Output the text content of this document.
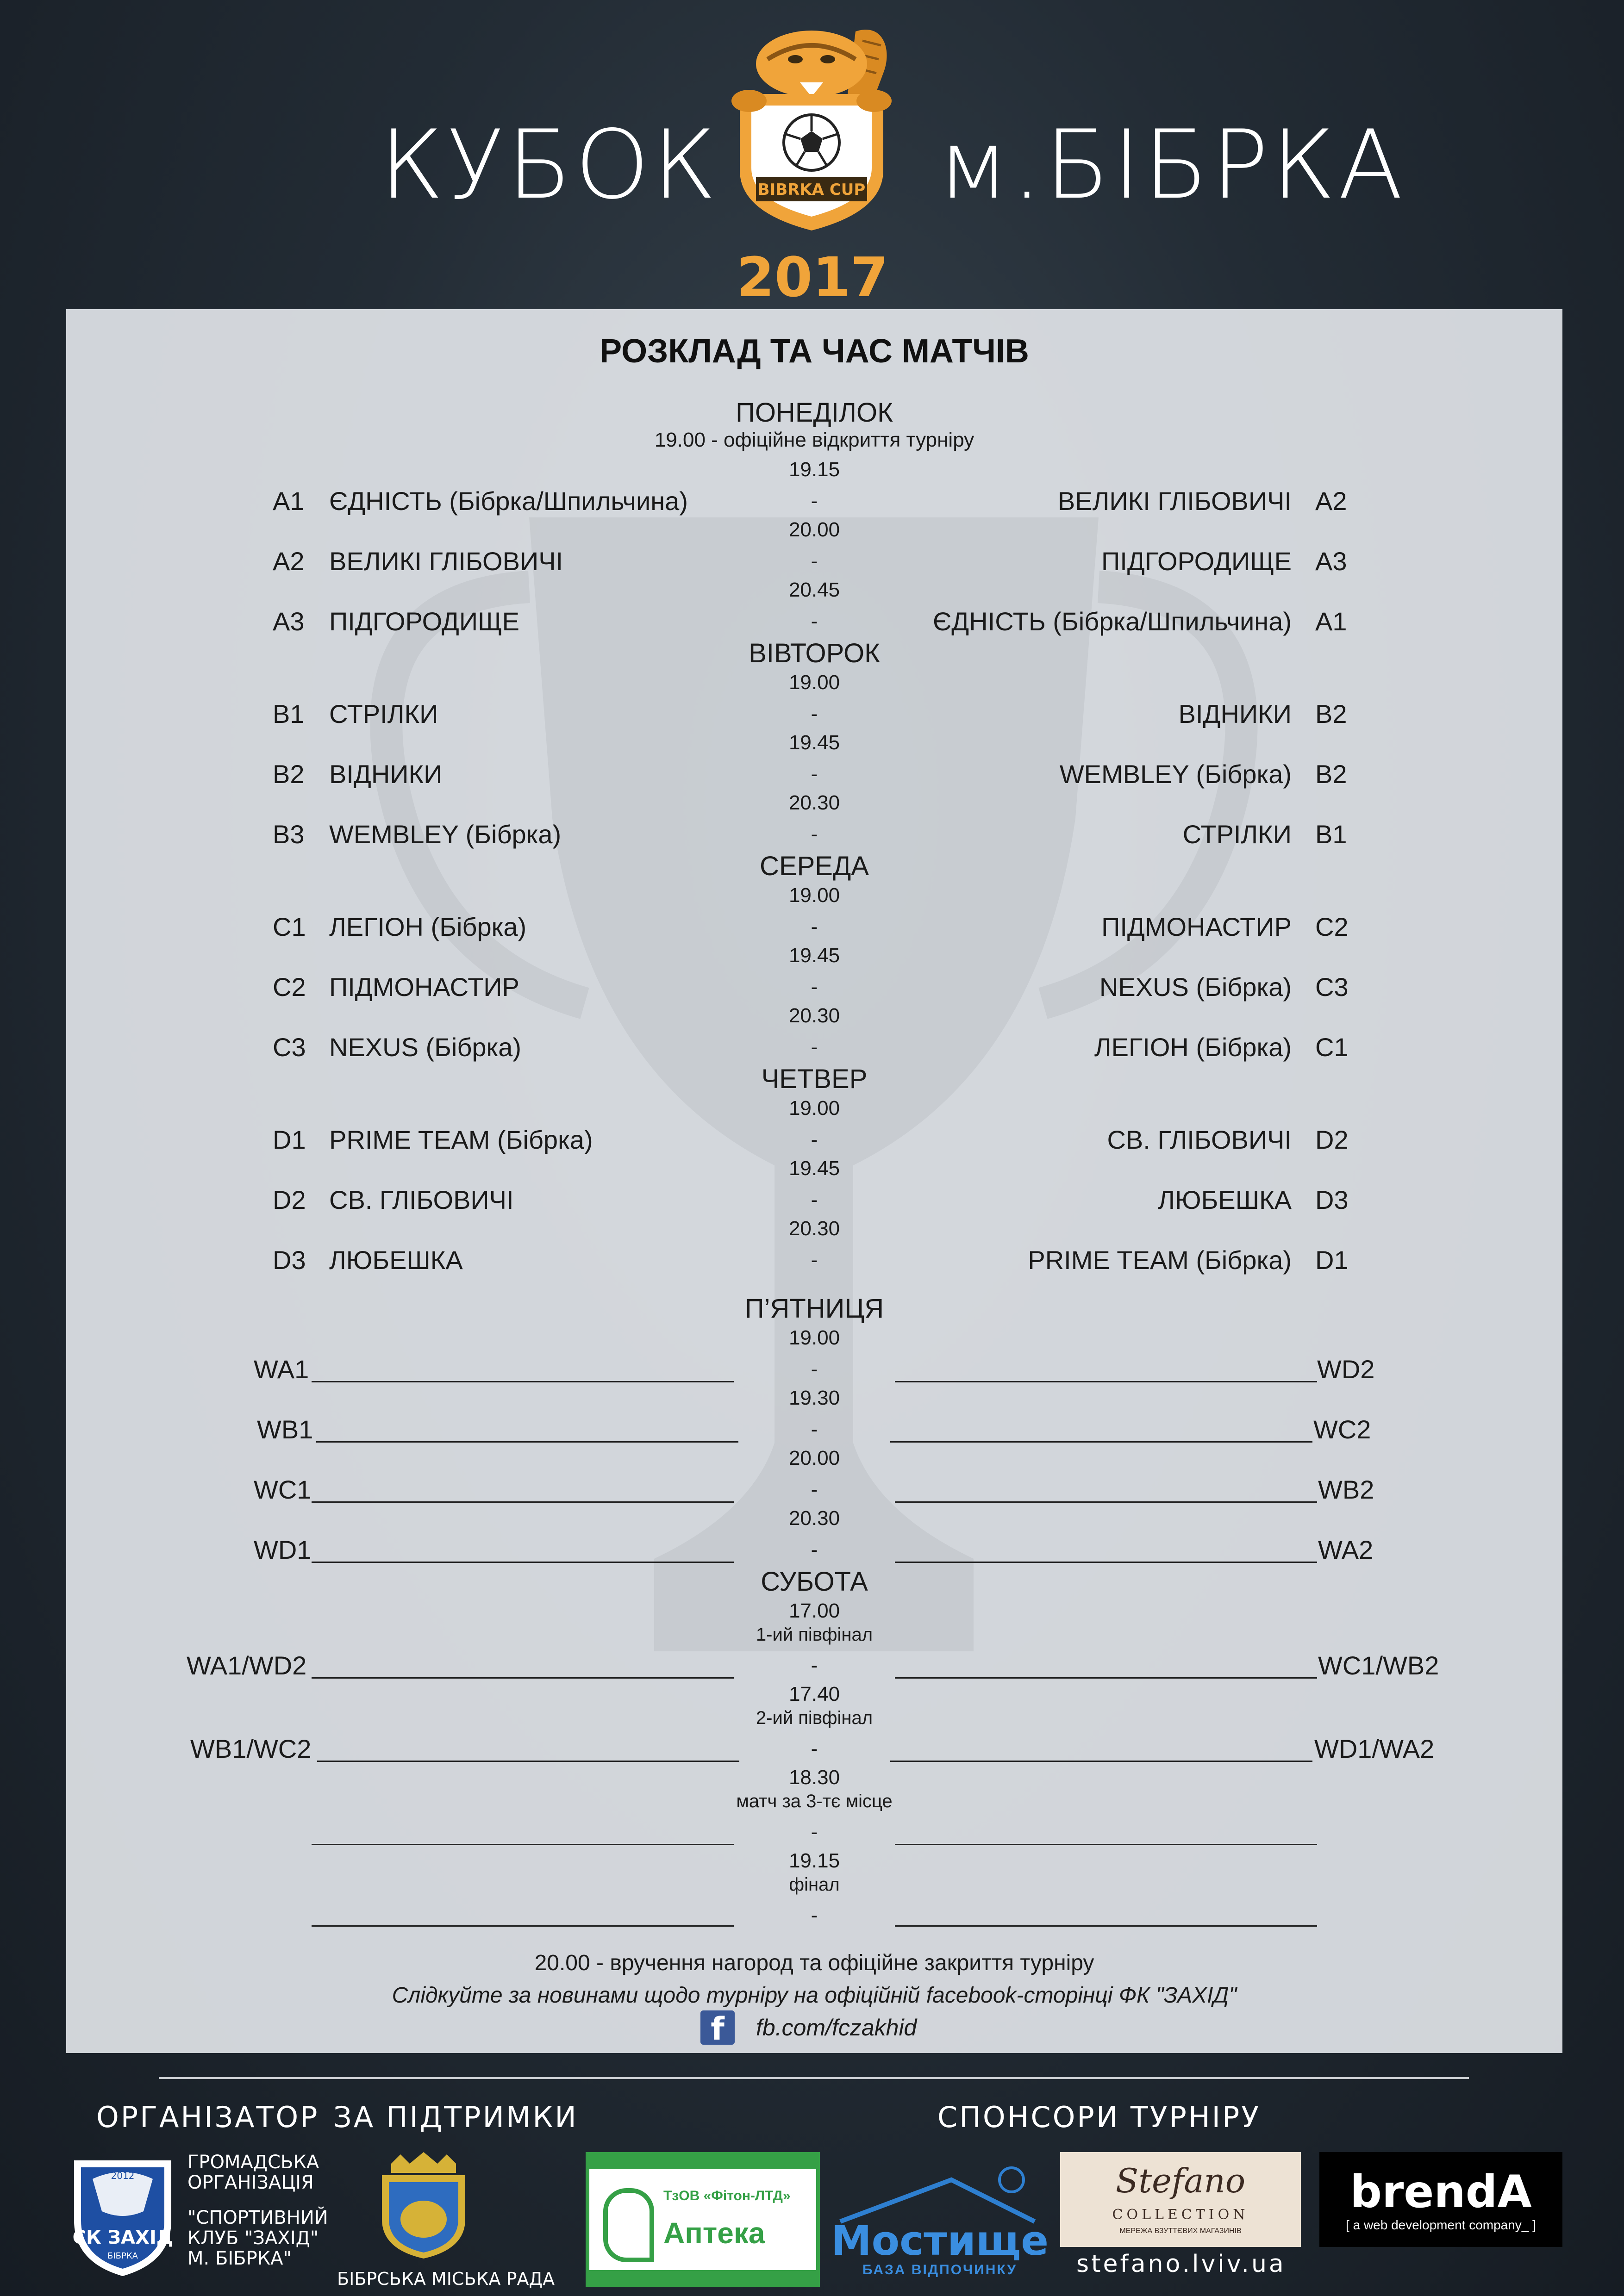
КУБОК BIBRKA CUP м.БІБРКА
2017
РОЗКЛАД ТА ЧАС МАТЧІВ
ПОНЕДІЛОК
19.00 - офіційне відкриття турніру
19.15
А1 ЄДНІСТЬ (Бібрка/Шпильчина)	-	ВЕЛИКІ ГЛІБОВИЧІ А2
20.00
А2 ВЕЛИКІ ГЛІБОВИЧІ	-	ПІДГОРОДИЩЕ А3
20.45
А3 ПІДГОРОДИЩЕ	-	ЄДНІСТЬ (Бібрка/Шпильчина) А1
ВІВТОРОК
19.00
В1 СТРІЛКИ	-	ВІДНИКИ В2
19.45
В2 ВІДНИКИ	-	WEMBLEY (Бібрка) В2
20.30
В3 WEMBLEY (Бібрка)	-	СТРІЛКИ В1
СЕРЕДА
19.00
С1 ЛЕГІОН (Бібрка)	-	ПІДМОНАСТИР С2
19.45
С2 ПІДМОНАСТИР	-	NEXUS (Бібрка) С3
20.30
С3 NEXUS (Бібрка)	-	ЛЕГІОН (Бібрка) С1
ЧЕТВЕР
19.00
D1 PRIME TEAM (Бібрка)	-	СВ. ГЛІБОВИЧІ D2
19.45
D2 СВ. ГЛІБОВИЧІ	-	ЛЮБЕШКА D3
20.30
D3 ЛЮБЕШКА	-	PRIME TEAM (Бібрка) D1
П’ЯТНИЦЯ
19.00
WA1	-	WD2
19.30
WB1	-	WC2
20.00
WC1	-	WB2
20.30
WD1	-	WA2
СУБОТА
17.00
1-ий півфінал
WA1/WD2	-	WC1/WB2
17.40
2-ий півфінал
WB1/WC2	-	WD1/WA2
18.30
матч за 3-тє місце
-
19.15
фінал
-
20.00 - вручення нагород та офіційне закриття турніру
Слідкуйте за новинами щодо турніру на офіційній facebook-сторінці ФК "ЗАХІД"
f	fb.com/fczakhid
ОРГАНІЗАТОР ЗА ПІДТРИМКИ	СПОНСОРИ ТУРНІРУ
2012
СК ЗАХІД
БІБРКА
ГРОМАДСЬКА
ОРГАНІЗАЦІЯ
"СПОРТИВНИЙ
КЛУБ "ЗАХІД"
М. БІБРКА"
БІБРСЬКА МІСЬКА РАДА
ТзОВ «Фітон-ЛТД»
Аптека Мостище
БАЗА ВІДПОЧИНКУ
Stefano
COLLECTION
МЕРЕЖА ВЗУТТЄВИХ МАГАЗИНІВ
stefano.lviv.ua
brendA
[ a web development company_ ]
